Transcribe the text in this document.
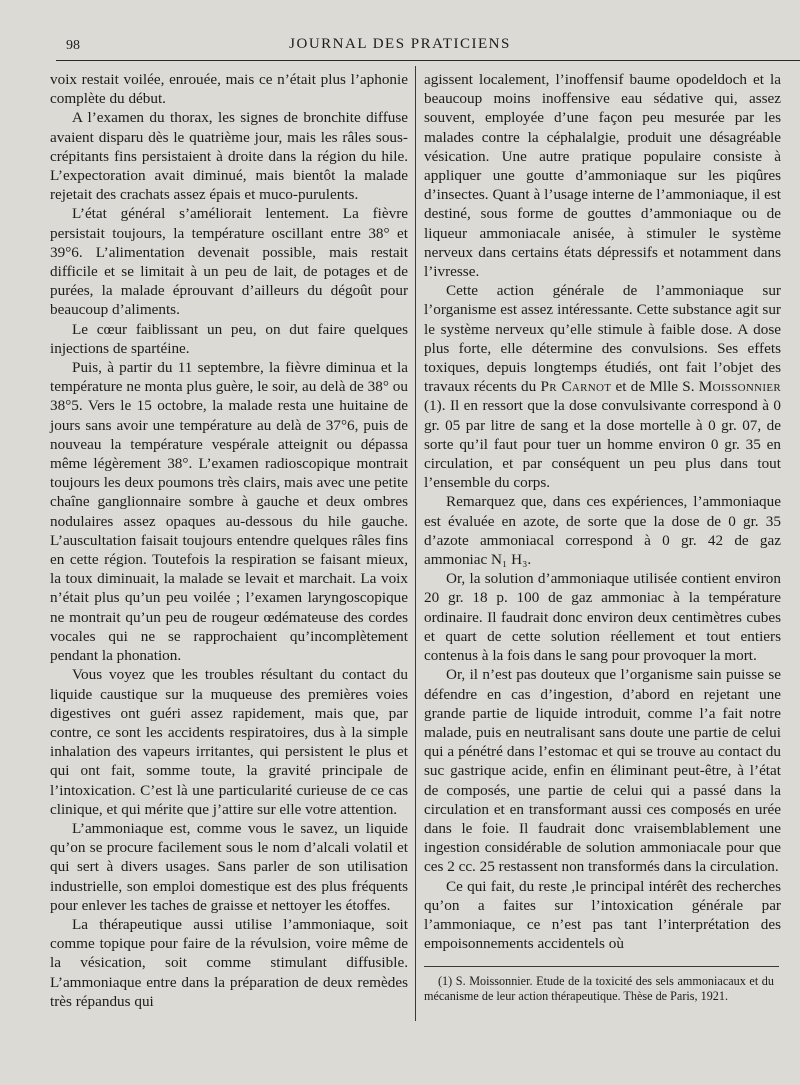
98	JOURNAL DES PRATICIENS

voix restait voilée, enrouée, mais ce n’était plus l’aphonie complète du début.

A l’examen du thorax, les signes de bronchite diffuse avaient disparu dès le quatrième jour, mais les râles sous-crépitants fins persistaient à droite dans la région du hile. L’expectoration avait diminué, mais bientôt la malade rejetait des crachats assez épais et muco-purulents.

L’état général s’améliorait lentement. La fièvre persistait toujours, la température oscillant entre 38° et 39°6. L’alimentation devenait possible, mais restait difficile et se limitait à un peu de lait, de potages et de purées, la malade éprouvant d’ailleurs du dégoût pour beaucoup d’aliments.

Le cœur faiblissant un peu, on dut faire quelques injections de spartéine.

Puis, à partir du 11 septembre, la fièvre diminua et la température ne monta plus guère, le soir, au delà de 38° ou 38°5. Vers le 15 octobre, la malade resta une huitaine de jours sans avoir une température au delà de 37°6, puis de nouveau la température vespérale atteignit ou dépassa même légèrement 38°. L’examen radioscopique montrait toujours les deux poumons très clairs, mais avec une petite chaîne ganglionnaire sombre à gauche et deux ombres nodulaires assez opaques au-dessous du hile gauche. L’auscultation faisait toujours entendre quelques râles fins en cette région. Toutefois la respiration se faisant mieux, la toux diminuait, la malade se levait et marchait. La voix n’était plus qu’un peu voilée ; l’examen laryngoscopique ne montrait qu’un peu de rougeur œdémateuse des cordes vocales qui ne se rapprochaient qu’incomplètement pendant la phonation.

Vous voyez que les troubles résultant du contact du liquide caustique sur la muqueuse des premières voies digestives ont guéri assez rapidement, mais que, par contre, ce sont les accidents respiratoires, dus à la simple inhalation des vapeurs irritantes, qui persistent le plus et qui ont fait, somme toute, la gravité principale de l’intoxication. C’est là une particularité curieuse de ce cas clinique, et qui mérite que j’attire sur elle votre attention.

L’ammoniaque est, comme vous le savez, un liquide qu’on se procure facilement sous le nom d’alcali volatil et qui sert à divers usages. Sans parler de son utilisation industrielle, son emploi domestique est des plus fréquents pour enlever les taches de graisse et nettoyer les étoffes.

La thérapeutique aussi utilise l’ammoniaque, soit comme topique pour faire de la révulsion, voire même de la vésication, soit comme stimulant diffusible. L’ammoniaque entre dans la préparation de deux remèdes très répandus qui

agissent localement, l’inoffensif baume opodeldoch et la beaucoup moins inoffensive eau sédative qui, assez souvent, employée d’une façon peu mesurée par les malades contre la céphalalgie, produit une désagréable vésication. Une autre pratique populaire consiste à appliquer une goutte d’ammoniaque sur les piqûres d’insectes. Quant à l’usage interne de l’ammoniaque, il est destiné, sous forme de gouttes d’ammoniaque ou de liqueur ammoniacale anisée, à stimuler le système nerveux dans certains états dépressifs et notamment dans l’ivresse.

Cette action générale de l’ammoniaque sur l’organisme est assez intéressante. Cette substance agit sur le système nerveux qu’elle stimule à faible dose. A dose plus forte, elle détermine des convulsions. Ses effets toxiques, depuis longtemps étudiés, ont fait l’objet des travaux récents du Pr Carnot et de Mlle S. Moissonnier (1). Il en ressort que la dose convulsivante correspond à 0 gr. 05 par litre de sang et la dose mortelle à 0 gr. 07, de sorte qu’il faut pour tuer un homme environ 0 gr. 35 en circulation, et par conséquent un peu plus dans tout l’ensemble du corps.

Remarquez que, dans ces expériences, l’ammoniaque est évaluée en azote, de sorte que la dose de 0 gr. 35 d’azote ammoniacal correspond à 0 gr. 42 de gaz ammoniac N₁ H₃.

Or, la solution d’ammoniaque utilisée contient environ 20 gr. 18 p. 100 de gaz ammoniac à la température ordinaire. Il faudrait donc environ deux centimètres cubes et quart de cette solution réellement et tout entiers contenus à la fois dans le sang pour provoquer la mort.

Or, il n’est pas douteux que l’organisme sain puisse se défendre en cas d’ingestion, d’abord en rejetant une grande partie de liquide introduit, comme l’a fait notre malade, puis en neutralisant sans doute une partie de celui qui a pénétré dans l’estomac et qui se trouve au contact du suc gastrique acide, enfin en éliminant peut-être, à l’état de composés, une partie de celui qui a passé dans la circulation et en transformant aussi ces composés en urée dans le foie. Il faudrait donc vraisemblablement une ingestion considérable de solution ammoniacale pour que ces 2 cc. 25 restassent non transformés dans la circulation.

Ce qui fait, du reste ,le principal intérêt des recherches qu’on a faites sur l’intoxication générale par l’ammoniaque, ce n’est pas tant l’interprétation des empoisonnements accidentels où

(1) S. Moissonnier. Etude de la toxicité des sels ammoniacaux et du mécanisme de leur action thérapeutique. Thèse de Paris, 1921.
